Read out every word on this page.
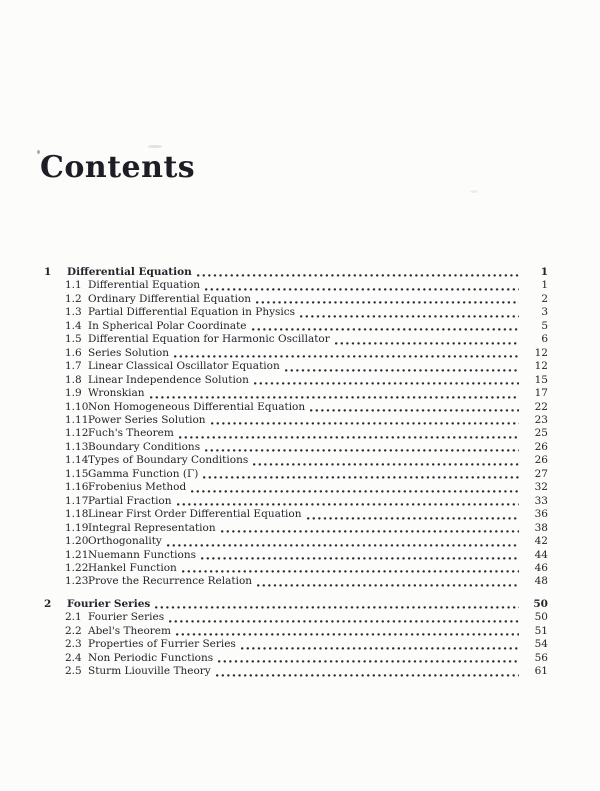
Contents
1	Differential Equation	1
1.1 Differential Equation	1
1.2 Ordinary Differential Equation	2
1.3 Partial Differential Equation in Physics	3
1.4 In Spherical Polar Coordinate	5
1.5 Differential Equation for Harmonic Oscillator	6
1.6 Series Solution	12
1.7 Linear Classical Oscillator Equation	12
1.8 Linear Independence Solution	15
1.9 Wronskian	17
1.10 Non Homogeneous Differential Equation	22
1.11 Power Series Solution	23
1.12 Fuch's Theorem	25
1.13 Boundary Conditions	26
1.14 Types of Boundary Conditions	26
1.15 Gamma Function (Γ)	27
1.16 Frobenius Method	32
1.17 Partial Fraction	33
1.18 Linear First Order Differential Equation	36
1.19 Integral Representation	38
1.20 Orthogonality	42
1.21 Nuemann Functions	44
1.22 Hankel Function	46
1.23 Prove the Recurrence Relation	48
2	Fourier Series	50
2.1 Fourier Series	50
2.2 Abel's Theorem	51
2.3 Properties of Furrier Series	54
2.4 Non Periodic Functions	56
2.5 Sturm Liouville Theory	61
